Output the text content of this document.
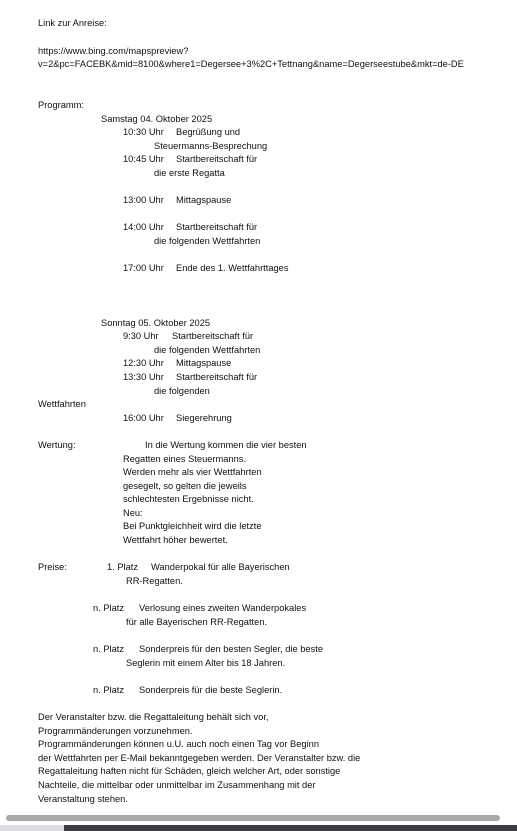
Link zur Anreise:
https://www.bing.com/mapspreview?
v=2&pc=FACEBK&mid=8100&where1=Degersee+3%2C+Tettnang&name=Degerseestube&mkt=de-DE
Programm:
Samstag 04. Oktober 2025
10:30 Uhr Begrüßung und
Steuermanns-Besprechung
10:45 Uhr Startbereitschaft für
die erste Regatta
13:00 Uhr Mittagspause
14:00 Uhr Startbereitschaft für
die folgenden Wettfahrten
17:00 Uhr Ende des 1. Wettfahrttages
Sonntag 05. Oktober 2025
9:30 Uhr Startbereitschaft für
die folgenden Wettfahrten
12:30 Uhr Mittagspause
13:30 Uhr Startbereitschaft für
die folgenden
Wettfahrten
16:00 Uhr Siegerehrung
Wertung:	In die Wertung kommen die vier besten
Regatten eines Steuermanns.
Werden mehr als vier Wettfahrten
gesegelt, so gelten die jeweils
schlechtesten Ergebnisse nicht.
Neu:
Bei Punktgleichheit wird die letzte
Wettfahrt höher bewertet.
Preise:	1. Platz Wanderpokal für alle Bayerischen
RR-Regatten.
n. Platz Verlosung eines zweiten Wanderpokales
für alle Bayerischen RR-Regatten.
n. Platz Sonderpreis für den besten Segler, die beste
Seglerin mit einem Alter bis 18 Jahren.
n. Platz Sonderpreis für die beste Seglerin.
Der Veranstalter bzw. die Regattaleitung behält sich vor,
Programmänderungen vorzunehmen.
Programmänderungen können u.U. auch noch einen Tag vor Beginn
der Wettfahrten per E-Mail bekanntgegeben werden. Der Veranstalter bzw. die
Regattaleitung haften nicht für Schäden, gleich welcher Art, oder sonstige
Nachteile, die mittelbar oder unmittelbar im Zusammenhang mit der
Veranstaltung stehen.
